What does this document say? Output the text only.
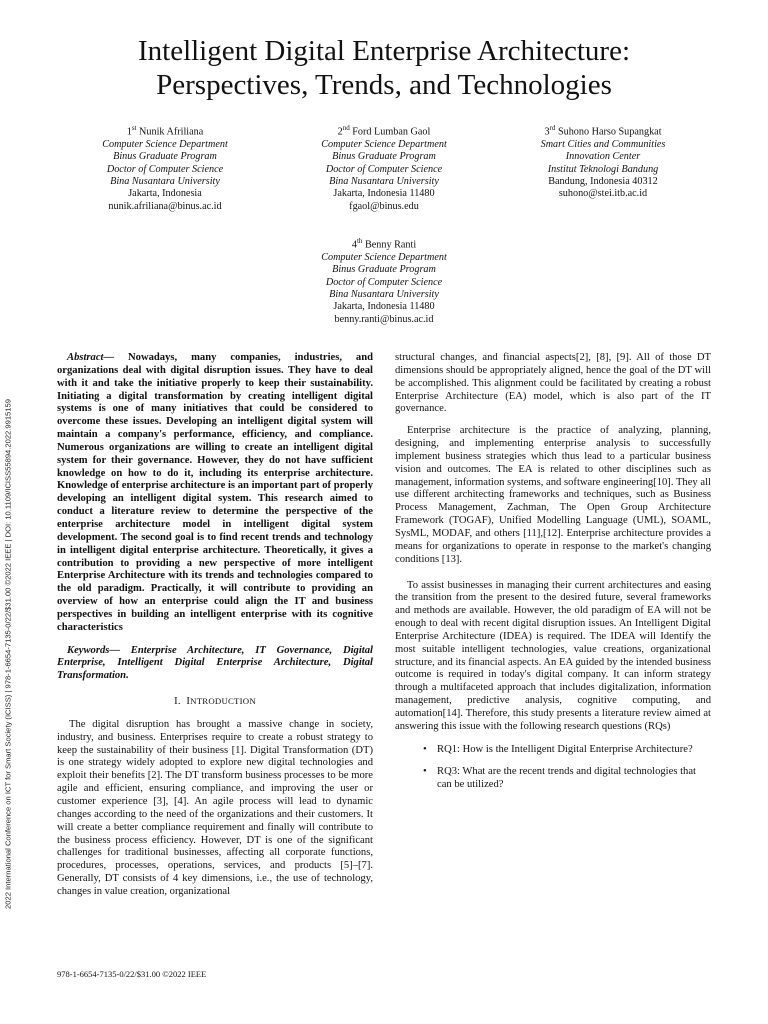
Intelligent Digital Enterprise Architecture:
Perspectives, Trends, and Technologies
1st Nunik Afriliana
Computer Science Department
Binus Graduate Program
Doctor of Computer Science
Bina Nusantara University
Jakarta, Indonesia
nunik.afriliana@binus.ac.id
2nd Ford Lumban Gaol
Computer Science Department
Binus Graduate Program
Doctor of Computer Science
Bina Nusantara University
Jakarta, Indonesia 11480
fgaol@binus.edu
3rd Suhono Harso Supangkat
Smart Cities and Communities
Innovation Center
Institut Teknologi Bandung
Bandung, Indonesia 40312
suhono@stei.itb.ac.id
4th Benny Ranti
Computer Science Department
Binus Graduate Program
Doctor of Computer Science
Bina Nusantara University
Jakarta, Indonesia 11480
benny.ranti@binus.ac.id
2022 International Conference on ICT for Smart Society (ICISS) | 978-1-6654-7135-0/22/$31.00 ©2022 IEEE | DOI: 10.1109/ICISS55894.2022.9915159

Abstract— Nowadays, many companies, industries, and organizations deal with digital disruption issues. They have to deal with it and take the initiative properly to keep their sustainability. Initiating a digital transformation by creating intelligent digital systems is one of many initiatives that could be considered to overcome these issues. Developing an intelligent digital system will maintain a company's performance, efficiency, and compliance. Numerous organizations are willing to create an intelligent digital system for their governance. However, they do not have sufficient knowledge on how to do it, including its enterprise architecture. Knowledge of enterprise architecture is an important part of properly developing an intelligent digital system. This research aimed to conduct a literature review to determine the perspective of the enterprise architecture model in intelligent digital system development. The second goal is to find recent trends and technology in intelligent digital enterprise architecture. Theoretically, it gives a contribution to providing a new perspective of more intelligent Enterprise Architecture with its trends and technologies compared to the old paradigm. Practically, it will contribute to providing an overview of how an enterprise could align the IT and business perspectives in building an intelligent enterprise with its cognitive characteristics

Keywords— Enterprise Architecture, IT Governance, Digital Enterprise, Intelligent Digital Enterprise Architecture, Digital Transformation.

I. INTRODUCTION

The digital disruption has brought a massive change in society, industry, and business. Enterprises require to create a robust strategy to keep the sustainability of their business [1]. Digital Transformation (DT) is one strategy widely adopted to explore new digital technologies and exploit their benefits [2]. The DT transform business processes to be more agile and efficient, ensuring compliance, and improving the user or customer experience [3], [4]. An agile process will lead to dynamic changes according to the need of the organizations and their customers. It will create a better compliance requirement and finally will contribute to the business process efficiency. However, DT is one of the significant challenges for traditional businesses, affecting all corporate functions, procedures, processes, operations, services, and products [5]–[7]. Generally, DT consists of 4 key dimensions, i.e., the use of technology, changes in value creation, organizational

structural changes, and financial aspects[2], [8], [9]. All of those DT dimensions should be appropriately aligned, hence the goal of the DT will be accomplished. This alignment could be facilitated by creating a robust Enterprise Architecture (EA) model, which is also part of the IT governance.

Enterprise architecture is the practice of analyzing, planning, designing, and implementing enterprise analysis to successfully implement business strategies which thus lead to a particular business vision and outcomes. The EA is related to other disciplines such as management, information systems, and software engineering[10]. They all use different architecting frameworks and techniques, such as Business Process Management, Zachman, The Open Group Architecture Framework (TOGAF), Unified Modelling Language (UML), SOAML, SysML, MODAF, and others [11],[12]. Enterprise architecture provides a means for organizations to operate in response to the market's changing conditions [13].

To assist businesses in managing their current architectures and easing the transition from the present to the desired future, several frameworks and methods are available. However, the old paradigm of EA will not be enough to deal with recent digital disruption issues. An Intelligent Digital Enterprise Architecture (IDEA) is required. The IDEA will Identify the most suitable intelligent technologies, value creations, organizational structure, and its financial aspects. An EA guided by the intended business outcome is required in today's digital company. It can inform strategy through a multifaceted approach that includes digitalization, information management, predictive analysis, cognitive computing, and automation[14]. Therefore, this study presents a literature review aimed at answering this issue with the following research questions (RQs)

• RQ1: How is the Intelligent Digital Enterprise Architecture?

• RQ3: What are the recent trends and digital technologies that can be utilized?

978-1-6654-7135-0/22/$31.00 ©2022 IEEE
